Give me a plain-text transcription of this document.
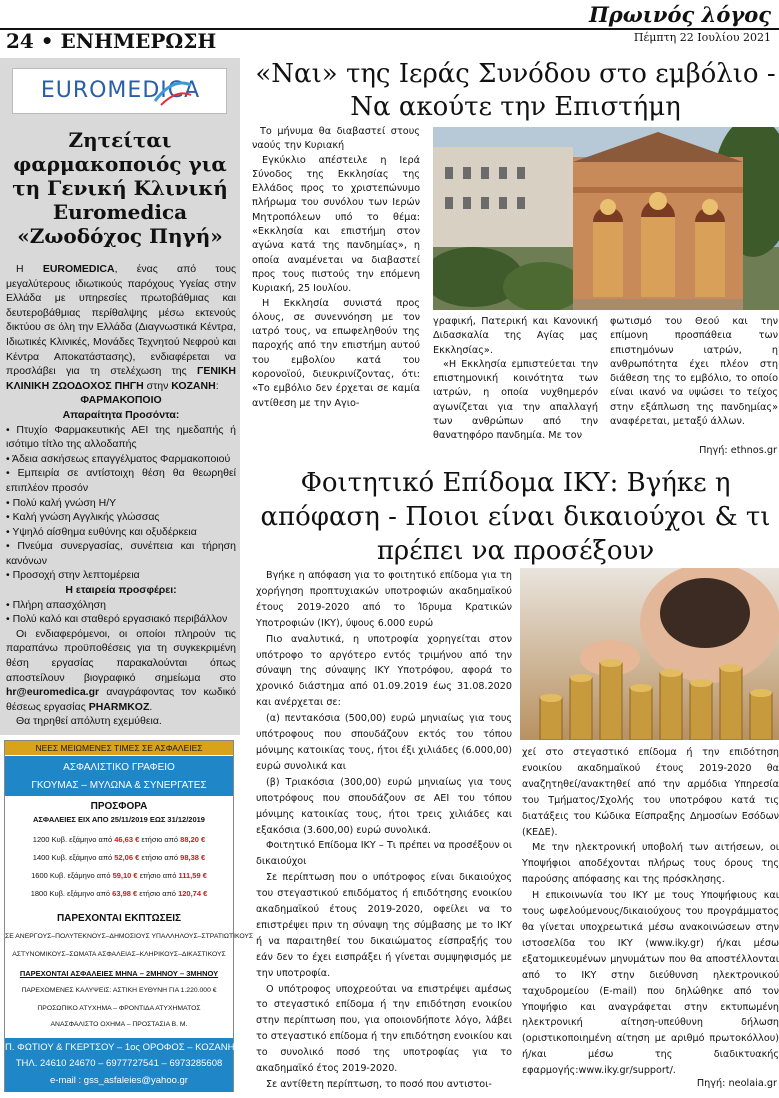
Πρωινός λόγος
24 • ΕΝΗΜΕΡΩΣΗ	Πέμπτη 22 Ιουλίου 2021
EUROMEDICA
Ζητείται φαρμακοποιός για τη Γενική Κλινική Euromedica «Ζωοδόχος Πηγή»

Η EUROMEDICA, ένας από τους μεγαλύτερους ιδιωτικούς παρόχους Υγείας στην Ελλάδα με υπηρεσίες πρωτοβάθμιας και δευτεροβάθμιας περίθαλψης μέσω εκτενούς δικτύου σε όλη την Ελλάδα (Διαγνωστικά Κέντρα, Ιδιωτικές Κλινικές, Μονάδες Τεχνητού Νεφρού και Κέντρα Αποκατάστασης), ενδιαφέρεται να προσλάβει για τη στελέχωση της ΓΕΝΙΚΗ ΚΛΙΝΙΚΗ ΖΩΟΔΟΧΟΣ ΠΗΓΗ στην ΚΟΖΑΝΗ:

ΦΑΡΜΑΚΟΠΟΙΟ

Απαραίτητα Προσόντα:

• Πτυχίο Φαρμακευτικής ΑΕΙ της ημεδαπής ή ισότιμο τίτλο της αλλοδαπής

• Άδεια ασκήσεως επαγγέλματος Φαρμακοποιού

• Εμπειρία σε αντίστοιχη θέση θα θεωρηθεί επιπλέον προσόν

• Πολύ καλή γνώση Η/Υ

• Καλή γνώση Αγγλικής γλώσσας

• Υψηλό αίσθημα ευθύνης και οξυδέρκεια

• Πνεύμα συνεργασίας, συνέπεια και τήρηση κανόνων

• Προσοχή στην λεπτομέρεια

Η εταιρεία προσφέρει:

• Πλήρη απασχόληση

• Πολύ καλό και σταθερό εργασιακό περιβάλλον

Οι ενδιαφερόμενοι, οι οποίοι πληρούν τις παραπάνω προϋποθέσεις για τη συγκεκριμένη θέση εργασίας παρακαλούνται όπως αποστείλουν βιογραφικό σημείωμα στο hr@euromedica.gr αναγράφοντας τον κωδικό θέσεως εργασίας PHARMKOZ.

Θα τηρηθεί απόλυτη εχεμύθεια.

ΝΕΕΣ ΜΕΙΩΜΕΝΕΣ ΤΙΜΕΣ ΣΕ ΑΣΦΑΛΕΙΕΣ
ΑΣΦΑΛΙΣΤΙΚΟ ΓΡΑΦΕΙΟ
ΓΚΟΥΜΑΣ – ΜΥΛΩΝΑ & ΣΥΝΕΡΓΑΤΕΣ
ΠΡΟΣΦΟΡΑ
ΑΣΦΑΛΕΙΕΣ ΕΙΧ ΑΠΟ 25/11/2019 ΕΩΣ 31/12/2019
1200 Κυβ. εξάμηνο από 46,63 € ετήσιο από 88,20 €
1400 Κυβ. εξάμηνο από 52,06 € ετήσιο από 98,38 €
1600 Κυβ. εξάμηνο από 59,10 € ετήσιο από 111,59 €
1800 Κυβ. εξάμηνο από 63,98 € ετήσιο από 120,74 €
ΠΑΡΕΧΟΝΤΑΙ ΕΚΠΤΩΣΕΙΣ
ΣΕ ΑΝΕΡΓΟΥΣ–ΠΟΛΥΤΕΚΝΟΥΣ–ΔΗΜΟΣΙΟΥΣ ΥΠΑΛΛΗΛΟΥΣ–ΣΤΡΑΤΙΩΤΙΚΟΥΣ
ΑΣΤΥΝΟΜΙΚΟΥΣ–ΣΩΜΑΤΑ ΑΣΦΑΛΕΙΑΣ–ΚΛΗΡΙΚΟΥΣ–ΔΙΚΑΣΤΙΚΟΥΣ
ΠΑΡΕΧΟΝΤΑΙ ΑΣΦΑΛΕΙΕΣ ΜΗΝΑ – 2ΜΗΝΟΥ – 3ΜΗΝΟΥ
ΠΑΡΕΧΟΜΕΝΕΣ ΚΑΛΥΨΕΙΣ: ΑΣΤΙΚΗ ΕΥΘΥΝΗ ΓΙΑ 1.220.000 €
ΠΡΟΣΩΠΙΚΟ ΑΤΥΧΗΜΑ – ΦΡΟΝΤΙΔΑ ΑΤΥΧΗΜΑΤΟΣ
ΑΝΑΣΦΑΛΙΣΤΟ ΟΧΗΜΑ – ΠΡΟΣΤΑΣΙΑ Β. Μ.
Π. ΦΩΤΙΟΥ & ΓΚΕΡΤΣΟΥ – 1ος ΟΡΟΦΟΣ – ΚΟΖΑΝΗ
ΤΗΛ. 24610 24670 – 6977727541 – 6973285608
e-mail : gss_asfaleies@yahoo.gr
«Ναι» της Ιεράς Συνόδου στο εμβόλιο - Να ακούτε την Επιστήμη

Το μήνυμα θα διαβαστεί στους ναούς την Κυριακή

Εγκύκλιο απέστειλε η Ιερά Σύνοδος της Εκκλησίας της Ελλάδος προς το χριστεπώνυμο πλήρωμα του συνόλου των Ιερών Μητροπόλεων υπό το θέμα: «Εκκλησία και επιστήμη στον αγώνα κατά της πανδημίας», η οποία αναμένεται να διαβαστεί προς τους πιστούς την επόμενη Κυριακή, 25 Ιουλίου.

Η Εκκλησία συνιστά προς όλους, σε συνεννόηση με τον ιατρό τους, να επωφεληθούν της παροχής από την επιστήμη αυτού του εμβολίου κατά του κορονοϊού, διευκρινίζοντας, ότι: «Το εμβόλιο δεν έρχεται σε καμία αντίθεση με την Αγιο-

γραφική, Πατερική και Κανονική Διδασκαλία της Αγίας μας Εκκλησίας».

«Η Εκκλησία εμπιστεύεται την επιστημονική κοινότητα των ιατρών, η οποία νυχθημερόν αγωνίζεται για την απαλλαγή των ανθρώπων από την θανατηφόρο πανδημία. Με τον

φωτισμό του Θεού και την επίμονη προσπάθεια των επιστημόνων ιατρών, η ανθρωπότητα έχει πλέον στη διάθεση της το εμβόλιο, το οποίο είναι ικανό να υψώσει το τείχος στην εξάπλωση της πανδημίας» αναφέρεται, μεταξύ άλλων.

Πηγή: ethnos.gr
Φοιτητικό Επίδομα ΙΚΥ: Βγήκε η απόφαση - Ποιοι είναι δικαιούχοι & τι πρέπει να προσέξουν

Βγήκε η απόφαση για το φοιτητικό επίδομα για τη χορήγηση προπτυχιακών υποτροφιών ακαδημαϊκού έτους 2019-2020 από το Ίδρυμα Κρατικών Υποτροφιών (ΙΚΥ), ύψους 6.000 ευρώ

Πιο αναλυτικά, η υποτροφία χορηγείται στον υπότροφο το αργότερο εντός τριμήνου από την σύναψη της σύναψης ΙΚΥ Υποτρόφου, αφορά το χρονικό διάστημα από 01.09.2019 έως 31.08.2020 και ανέρχεται σε:

(α) πεντακόσια (500,00) ευρώ μηνιαίως για τους υπότροφους που σπουδάζουν εκτός του τόπου μόνιμης κατοικίας τους, ήτοι έξι χιλιάδες (6.000,00) ευρώ συνολικά και

(β) Τριακόσια (300,00) ευρώ μηνιαίως για τους υποτρόφους που σπουδάζουν σε ΑΕΙ του τόπου μόνιμης κατοικίας τους, ήτοι τρεις χιλιάδες και εξακόσια (3.600,00) ευρώ συνολικά.

Φοιτητικό Επίδομα ΙΚΥ – Τι πρέπει να προσέξουν οι δικαιούχοι

Σε περίπτωση που ο υπότροφος είναι δικαιούχος του στεγαστικού επιδόματος ή επιδότησης ενοικίου ακαδημαϊκού έτους 2019-2020, οφείλει να το επιστρέψει πριν τη σύναψη της σύμβασης με το ΙΚΥ ή να παραιτηθεί του δικαιώματος είσπραξής του εάν δεν το έχει εισπράξει ή γίνεται συμψηφισμός με την υποτροφία.

Ο υπότροφος υποχρεούται να επιστρέψει αμέσως το στεγαστικό επίδομα ή την επιδότηση ενοικίου στην περίπτωση που, για οποιονδήποτε λόγο, λάβει το στεγαστικό επίδομα ή την επιδότηση ενοικίου και το συνολικό ποσό της υποτροφίας για το ακαδημαϊκό έτος 2019-2020.

Σε αντίθετη περίπτωση, το ποσό που αντιστοι-

χεί στο στεγαστικό επίδομα ή την επιδότηση ενοικίου ακαδημαϊκού έτους 2019-2020 θα αναζητηθεί/ανακτηθεί από την αρμόδια Υπηρεσία του Τμήματος/Σχολής του υποτρόφου κατά τις διατάξεις του Κώδικα Είσπραξης Δημοσίων Εσόδων (ΚΕΔΕ).

Με την ηλεκτρονική υποβολή των αιτήσεων, οι Υποψήφιοι αποδέχονται πλήρως τους όρους της παρούσης απόφασης και της πρόσκλησης.

Η επικοινωνία του ΙΚΥ με τους Υποψήφιους και τους ωφελούμενους/δικαιούχους του προγράμματος θα γίνεται υποχρεωτικά μέσω ανακοινώσεων στην ιστοσελίδα του ΙΚΥ (www.iky.gr) ή/και μέσω εξατομικευμένων μηνυμάτων που θα αποστέλλονται από το ΙΚΥ στην διεύθυνση ηλεκτρονικού ταχυδρομείου (E-mail) που δηλώθηκε από τον Υποψήφιο και αναγράφεται στην εκτυπωμένη ηλεκτρονική αίτηση-υπεύθυνη δήλωση (οριστικοποιημένη αίτηση με αριθμό πρωτοκόλλου) ή/και μέσω της διαδικτυακής εφαρμογής:www.iky.gr/support/.

Πηγή: neolaia.gr
